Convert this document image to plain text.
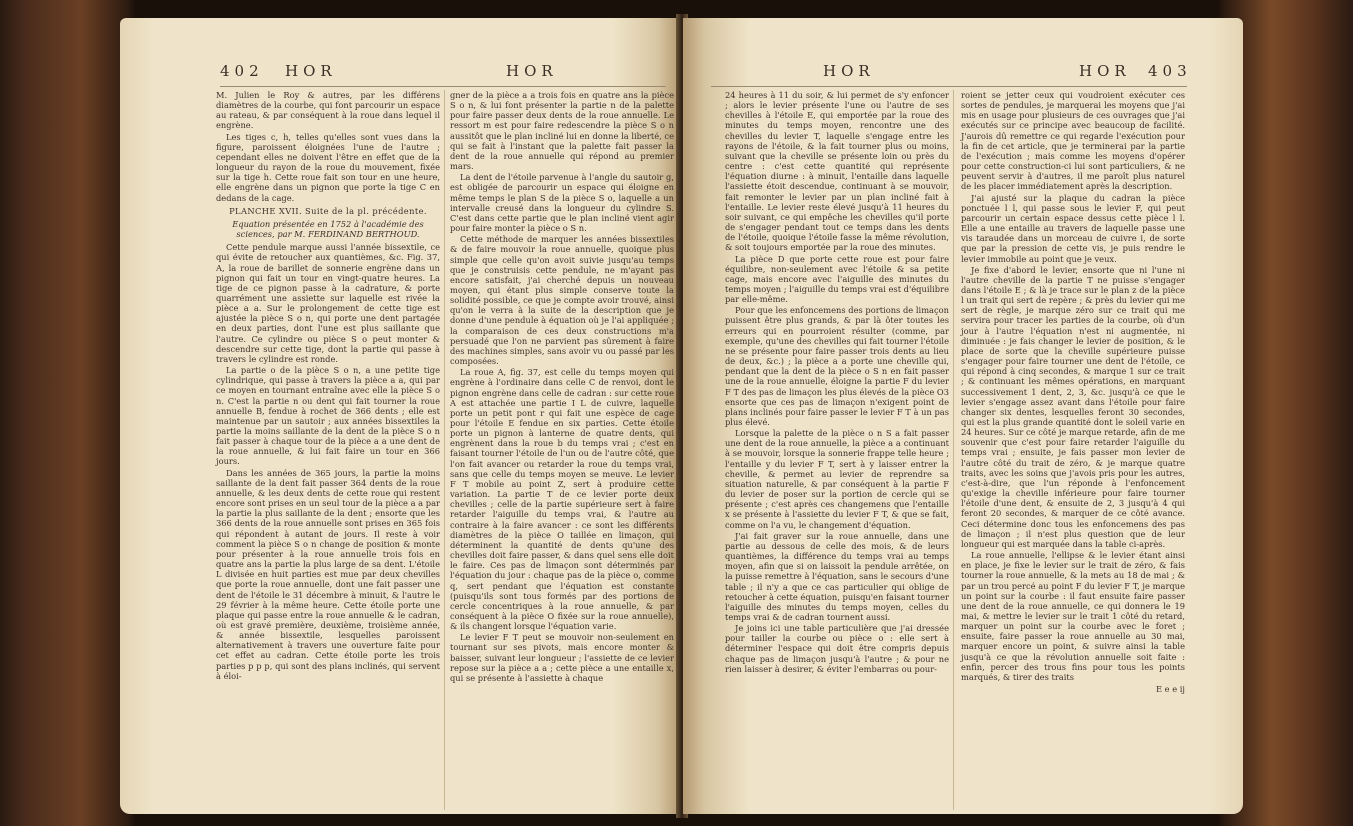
402 HOR	HOR

M. Julien le Roy & autres, par les différens diamètres de la courbe, qui font parcourir un espace au rateau, & par conséquent à la roue dans lequel il engrène.

Les tiges c, h, telles qu'elles sont vues dans la figure, paroissent éloignées l'une de l'autre ; cependant elles ne doivent l'être en effet que de la longueur du rayon de la roue du mouvement, fixée sur la tige h. Cette roue fait son tour en une heure, elle engrène dans un pignon que porte la tige C en dedans de la cage.

PLANCHE XVII. Suite de la pl. précédente.

Equation présentée en 1752 à l'académie des sciences, par M. FERDINAND BERTHOUD.

Cette pendule marque aussi l'année bissextile, ce qui évite de retoucher aux quantièmes, &c. Fig. 37, A, la roue de barillet de sonnerie engrène dans un pignon qui fait un tour en vingt-quatre heures. La tige de ce pignon passe à la cadrature, & porte quarrément une assiette sur laquelle est rivée la pièce a a. Sur le prolongement de cette tige est ajustée la pièce S o n, qui porte une dent partagée en deux parties, dont l'une est plus saillante que l'autre. Ce cylindre ou pièce S o peut monter & descendre sur cette tige, dont la partie qui passe à travers le cylindre est ronde.

La partie o de la pièce S o n, a une petite tige cylindrique, qui passe à travers la pièce a a, qui par ce moyen en tournant entraîne avec elle la pièce S o n. C'est la partie n ou dent qui fait tourner la roue annuelle B, fendue à rochet de 366 dents ; elle est maintenue par un sautoir ; aux années bissextiles la partie la moins saillante de la dent de la pièce S o n fait passer à chaque tour de la pièce a a une dent de la roue annuelle, & lui fait faire un tour en 366 jours.

Dans les années de 365 jours, la partie la moins saillante de la dent fait passer 364 dents de la roue annuelle, & les deux dents de cette roue qui restent encore sont prises en un seul tour de la pièce a a par la partie la plus saillante de la dent ; ensorte que les 366 dents de la roue annuelle sont prises en 365 fois qui répondent à autant de jours. Il reste à voir comment la pièce S o n change de position & monte pour présenter à la roue annuelle trois fois en quatre ans la partie la plus large de sa dent. L'étoile L divisée en huit parties est mue par deux chevilles que porte la roue annuelle, dont une fait passer une dent de l'étoile le 31 décembre à minuit, & l'autre le 29 février à la même heure. Cette étoile porte une plaque qui passe entre la roue annuelle & le cadran, où est gravé première, deuxième, troisième année, & année bissextile, lesquelles paroissent alternativement à travers une ouverture faite pour cet effet au cadran. Cette étoile porte les trois parties p p p, qui sont des plans inclinés, qui servent à éloi-

gner de la pièce a a trois fois en quatre ans la pièce S o n, & lui font présenter la partie n de la palette pour faire passer deux dents de la roue annuelle. Le ressort m est pour faire redescendre la pièce S o n aussitôt que le plan incliné lui en donne la liberté, ce qui se fait à l'instant que la palette fait passer la dent de la roue annuelle qui répond au premier mars.

La dent de l'étoile parvenue à l'angle du sautoir g, est obligée de parcourir un espace qui éloigne en même temps le plan S de la pièce S o, laquelle a un intervalle creusé dans la longueur du cylindre S. C'est dans cette partie que le plan incliné vient agir pour faire monter la pièce o S n.

Cette méthode de marquer les années bissextiles & de faire mouvoir la roue annuelle, quoique plus simple que celle qu'on avoit suivie jusqu'au temps que je construisis cette pendule, ne m'ayant pas encore satisfait, j'ai cherché depuis un nouveau moyen, qui étant plus simple conserve toute la solidité possible, ce que je compte avoir trouvé, ainsi qu'on le verra à la suite de la description que je donne d'une pendule à équation où je l'ai appliquée ; la comparaison de ces deux constructions m'a persuadé que l'on ne parvient pas sûrement à faire des machines simples, sans avoir vu ou passé par les composées.

La roue A, fig. 37, est celle du temps moyen qui engrène à l'ordinaire dans celle C de renvoi, dont le pignon engrène dans celle de cadran : sur cette roue A est attachée une partie I L de cuivre, laquelle porte un petit pont r qui fait une espèce de cage pour l'étoile E fendue en six parties. Cette étoile porte un pignon à lanterne de quatre dents, qui engrènent dans la roue b du temps vrai ; c'est en faisant tourner l'étoile de l'un ou de l'autre côté, que l'on fait avancer ou retarder la roue du temps vrai, sans que celle du temps moyen se meuve. Le levier F T mobile au point Z, sert à produire cette variation. La partie T de ce levier porte deux chevilles ; celle de la partie supérieure sert à faire retarder l'aiguille du temps vrai, & l'autre au contraire à la faire avancer : ce sont les différents diamètres de la pièce O taillée en limaçon, qui déterminent la quantité de dents qu'une des chevilles doit faire passer, & dans quel sens elle doit le faire. Ces pas de limaçon sont déterminés par l'équation du jour : chaque pas de la pièce o, comme q, sert pendant que l'équation est constante (puisqu'ils sont tous formés par des portions de cercle concentriques à la roue annuelle, & par conséquent à la pièce O fixée sur la roue annuelle), & ils changent lorsque l'équation varie.

Le levier F T peut se mouvoir non-seulement en tournant sur ses pivots, mais encore monter & baisser, suivant leur longueur ; l'assiette de ce levier repose sur la pièce a a ; cette pièce a une entaille x, qui se présente à l'assiette à chaque

HOR	HOR 403

24 heures à 11 du soir, & lui permet de s'y enfoncer ; alors le levier présente l'une ou l'autre de ses chevilles à l'étoile E, qui emportée par la roue des minutes du temps moyen, rencontre une des chevilles du levier T, laquelle s'engage entre les rayons de l'étoile, & la fait tourner plus ou moins, suivant que la cheville se présente loin ou près du centre : c'est cette quantité qui représente l'équation diurne : à minuit, l'entaille dans laquelle l'assiette étoit descendue, continuant à se mouvoir, fait remonter le levier par un plan incliné fait à l'entaille. Le levier reste élevé jusqu'à 11 heures du soir suivant, ce qui empêche les chevilles qu'il porte de s'engager pendant tout ce temps dans les dents de l'étoile, quoique l'étoile fasse la même révolution, & soit toujours emportée par la roue des minutes.

La pièce D que porte cette roue est pour faire équilibre, non-seulement avec l'étoile & sa petite cage, mais encore avec l'aiguille des minutes du temps moyen ; l'aiguille du temps vrai est d'équilibre par elle-même.

Pour que les enfoncemens des portions de limaçon puissent être plus grands, & par là ôter toutes les erreurs qui en pourroient résulter (comme, par exemple, qu'une des chevilles qui fait tourner l'étoile ne se présente pour faire passer trois dents au lieu de deux, &c.) ; la pièce a a porte une cheville qui, pendant que la dent de la pièce o S n en fait passer une de la roue annuelle, éloigne la partie F du levier F T des pas de limaçon les plus élevés de la pièce O3 ensorte que ces pas de limaçon n'exigent point de plans inclinés pour faire passer le levier F T à un pas plus élevé.

Lorsque la palette de la pièce o n S a fait passer une dent de la roue annuelle, la pièce a a continuant à se mouvoir, lorsque la sonnerie frappe telle heure ; l'entaille y du levier F T, sert à y laisser entrer la cheville, & permet au levier de reprendre sa situation naturelle, & par conséquent à la partie F du levier de poser sur la portion de cercle qui se présente ; c'est après ces changemens que l'entaille x se présente à l'assiette du levier F T, & que se fait, comme on l'a vu, le changement d'équation.

J'ai fait graver sur la roue annuelle, dans une partie au dessous de celle des mois, & de leurs quantièmes, la différence du temps vrai au temps moyen, afin que si on laissoit la pendule arrêtée, on la puisse remettre à l'équation, sans le secours d'une table ; il n'y a que ce cas particulier qui oblige de retoucher à cette équation, puisqu'en faisant tourner l'aiguille des minutes du temps moyen, celles du temps vrai & de cadran tournent aussi.

Je joins ici une table particulière que j'ai dressée pour tailler la courbe ou pièce o : elle sert à déterminer l'espace qui doit être compris depuis chaque pas de limaçon jusqu'à l'autre ; & pour ne rien laisser à desirer, & éviter l'embarras ou pour-

roient se jetter ceux qui voudroient exécuter ces sortes de pendules, je marquerai les moyens que j'ai mis en usage pour plusieurs de ces ouvrages que j'ai exécutés sur ce principe avec beaucoup de facilité. J'aurois dû remettre ce qui regarde l'exécution pour la fin de cet article, que je terminerai par la partie de l'exécution ; mais comme les moyens d'opérer pour cette construction-ci lui sont particuliers, & ne peuvent servir à d'autres, il me paroît plus naturel de les placer immédiatement après la description.

J'ai ajusté sur la plaque du cadran la pièce ponctuée l l, qui passe sous le levier F, qui peut parcourir un certain espace dessus cette pièce l l. Elle a une entaille au travers de laquelle passe une vis taraudée dans un morceau de cuivre i, de sorte que par la pression de cette vis, je puis rendre le levier immobile au point que je veux.

Je fixe d'abord le levier, ensorte que ni l'une ni l'autre cheville de la partie T ne puisse s'engager dans l'étoile E ; & là je trace sur le plan z de la pièce l un trait qui sert de repère ; & près du levier qui me sert de règle, je marque zéro sur ce trait qui me servira pour tracer les parties de la courbe, où d'un jour à l'autre l'équation n'est ni augmentée, ni diminuée : je fais changer le levier de position, & le place de sorte que la cheville supérieure puisse s'engager pour faire tourner une dent de l'étoile, ce qui répond à cinq secondes, & marque 1 sur ce trait ; & continuant les mêmes opérations, en marquant successivement 1 dent, 2, 3, &c. jusqu'à ce que le levier s'engage assez avant dans l'étoile pour faire changer six dentes, lesquelles feront 30 secondes, qui est la plus grande quantité dont le soleil varie en 24 heures. Sur ce côté je marque retarde, afin de me souvenir que c'est pour faire retarder l'aiguille du temps vrai ; ensuite, je fais passer mon levier de l'autre côté du trait de zéro, & je marque quatre traits, avec les soins que j'avois pris pour les autres, c'est-à-dire, que l'un réponde à l'enfoncement qu'exige la cheville inférieure pour faire tourner l'étoile d'une dent, & ensuite de 2, 3 jusqu'à 4 qui feront 20 secondes, & marquer de ce côté avance. Ceci détermine donc tous les enfoncemens des pas de limaçon ; il n'est plus question que de leur longueur qui est marquée dans la table ci-après.

La roue annuelle, l'ellipse & le levier étant ainsi en place, je fixe le levier sur le trait de zéro, & fais tourner la roue annuelle, & la mets au 18 de mai ; & par un trou percé au point F du levier F T, je marque un point sur la courbe : il faut ensuite faire passer une dent de la roue annuelle, ce qui donnera le 19 mai, & mettre le levier sur le trait 1 côté du retard, marquer un point sur la courbe avec le foret ; ensuite, faire passer la roue annuelle au 30 mai, marquer encore un point, & suivre ainsi la table jusqu'à ce que la révolution annuelle soit faite : enfin, percer des trous fins pour tous les points marqués, & tirer des traits

E e e ij
